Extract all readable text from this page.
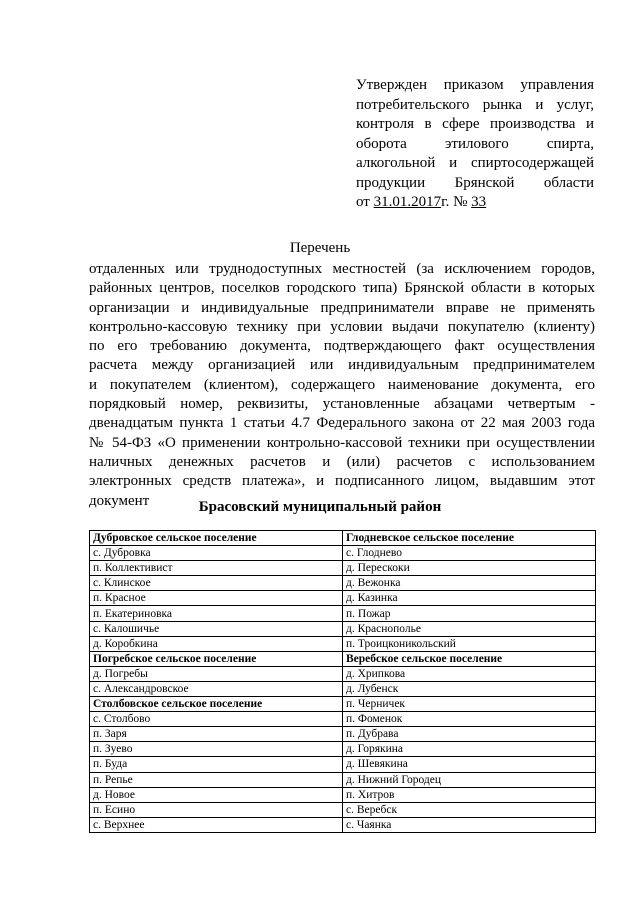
Утвержден приказом управления
потребительского рынка и услуг,
контроля в сфере производства и
оборота этилового спирта,
алкогольной и спиртосодержащей
продукции Брянской области
от 31.01.2017г. № 33
Перечень
отдаленных или труднодоступных местностей (за исключением городов,
районных центров, поселков городского типа) Брянской области в которых
организации и индивидуальные предприниматели вправе не применять
контрольно-кассовую технику при условии выдачи покупателю (клиенту)
по его требованию документа, подтверждающего факт осуществления
расчета между организацией или индивидуальным предпринимателем
и покупателем (клиентом), содержащего наименование документа, его
порядковый номер, реквизиты, установленные абзацами четвертым -
двенадцатым пункта 1 статьи 4.7 Федерального закона от 22 мая 2003 года
№ 54-ФЗ «О применении контрольно-кассовой техники при осуществлении
наличных денежных расчетов и (или) расчетов с использованием
электронных средств платежа», и подписанного лицом, выдавшим этот
документ	Брасовский муниципальный район
Дубровское сельское поселение	Глодневское сельское поселение
с. Дубровка	с. Глоднево
п. Коллективист	д. Перескоки
с. Клинское	д. Вежонка
п. Красное	д. Казинка
п. Екатериновка	п. Пожар
с. Калошичье	д. Краснополье
д. Коробкина	п. Троицконикольский
Погребское сельское поселение	Веребское сельское поселение
д. Погребы	д. Хрипкова
с. Александровское	д. Лубенск
Столбовское сельское поселение	п. Черничек
с. Столбово	п. Фоменок
п. Заря	п. Дубрава
п. Зуево	д. Горякина
п. Буда	д. Шевякина
п. Репье	д. Нижний Городец
д. Новое	п. Хитров
п. Есино	с. Веребск
с. Верхнее	с. Чаянка
